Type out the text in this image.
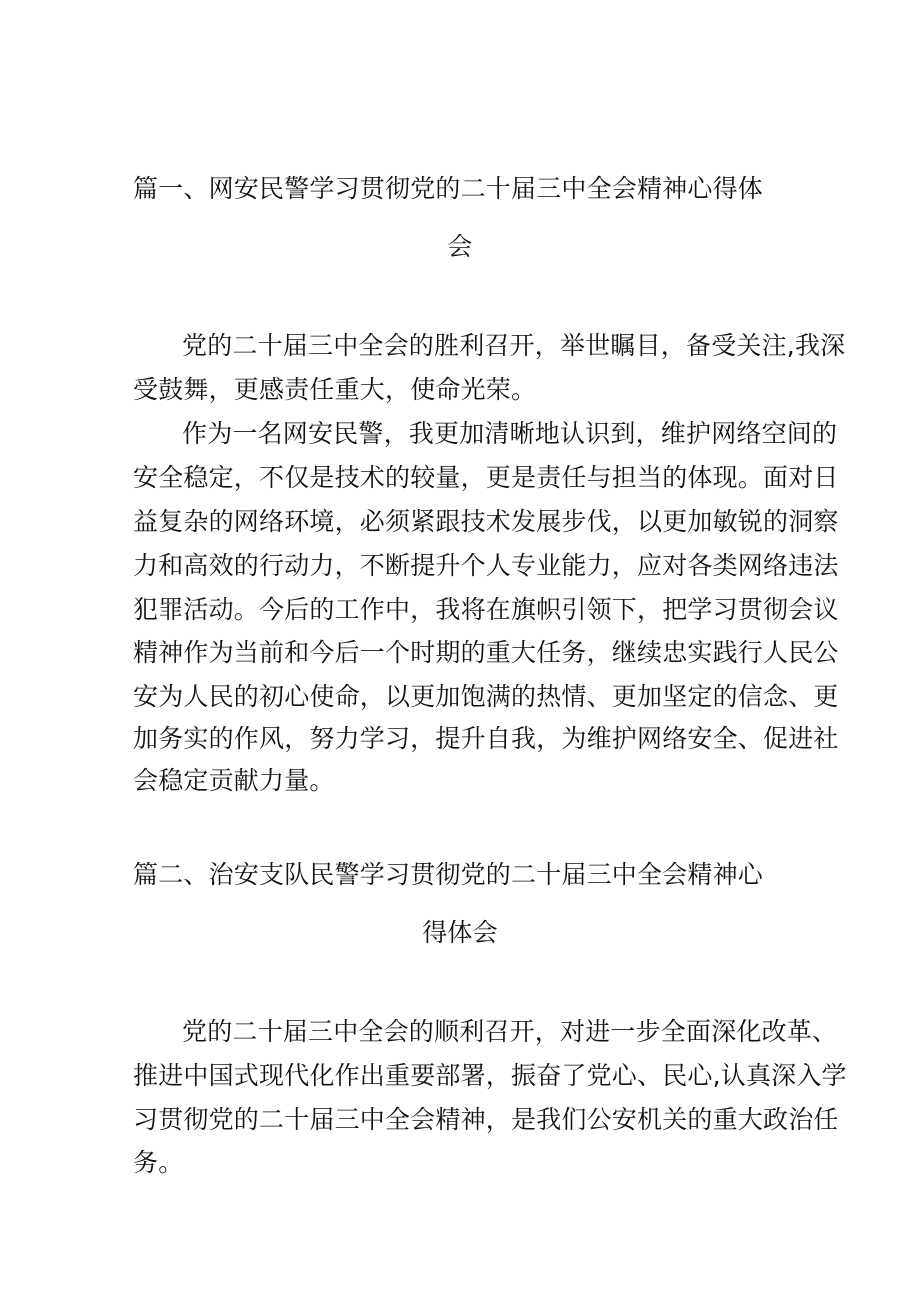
篇一、网安民警学习贯彻党的二十届三中全会精神心得体
会
党的二十届三中全会的胜利召开，举世瞩目，备受关注,我深
受鼓舞，更感责任重大，使命光荣。
作为一名网安民警，我更加清晰地认识到，维护网络空间的
安全稳定，不仅是技术的较量，更是责任与担当的体现。面对日
益复杂的网络环境，必须紧跟技术发展步伐，以更加敏锐的洞察
力和高效的行动力，不断提升个人专业能力，应对各类网络违法
犯罪活动。今后的工作中，我将在旗帜引领下，把学习贯彻会议
精神作为当前和今后一个时期的重大任务，继续忠实践行人民公
安为人民的初心使命，以更加饱满的热情、更加坚定的信念、更
加务实的作风，努力学习，提升自我，为维护网络安全、促进社
会稳定贡献力量。
篇二、治安支队民警学习贯彻党的二十届三中全会精神心
得体会
党的二十届三中全会的顺利召开，对进一步全面深化改革、
推进中国式现代化作出重要部署，振奋了党心、民心,认真深入学
习贯彻党的二十届三中全会精神，是我们公安机关的重大政治任
务。
